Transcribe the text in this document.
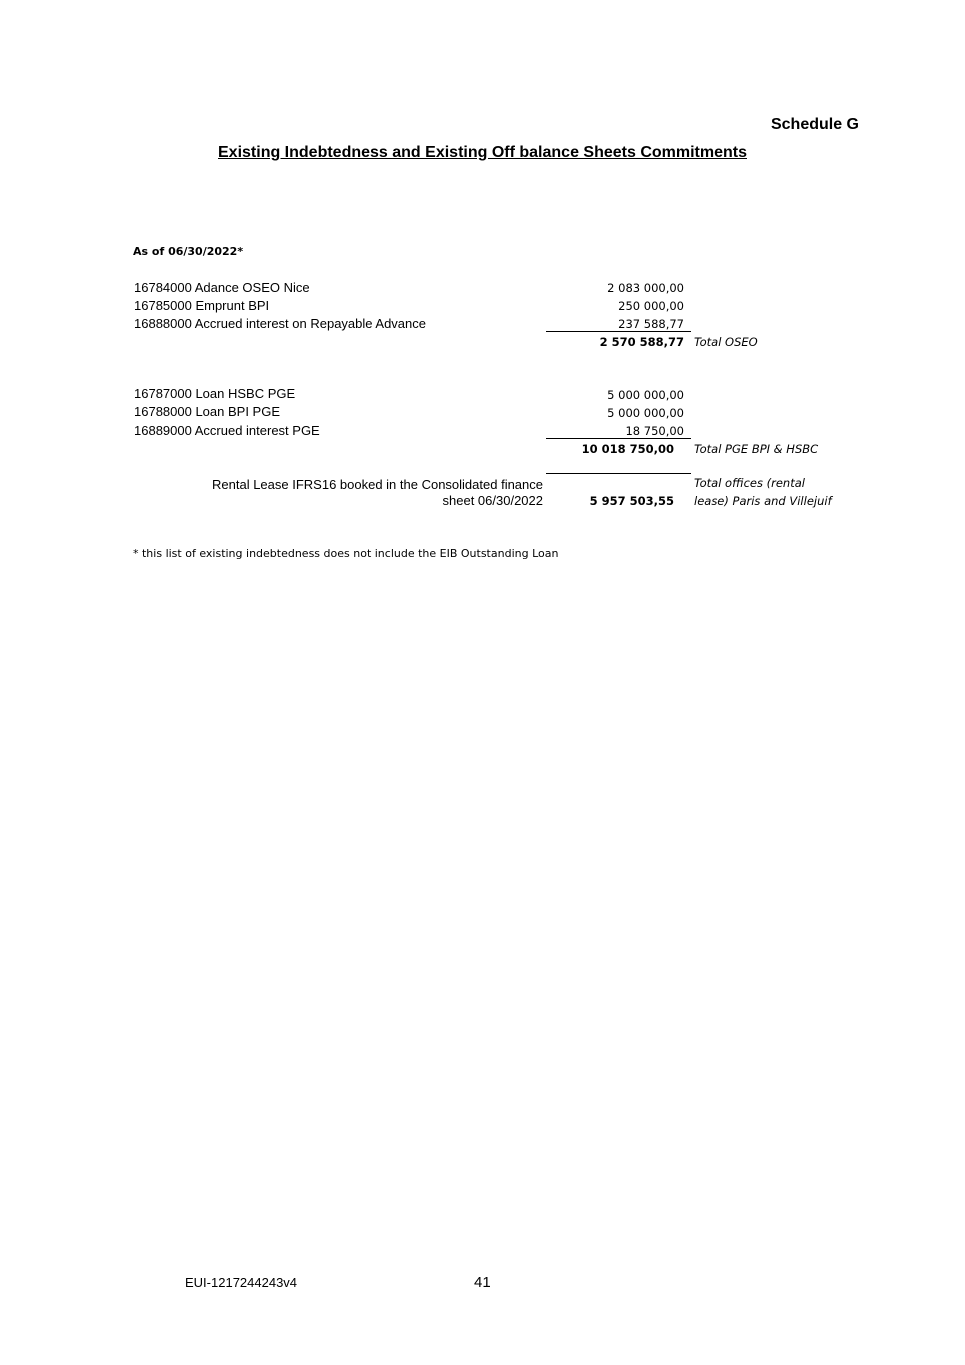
Schedule G
Existing Indebtedness and Existing Off balance Sheets Commitments
As of 06/30/2022*
16784000 Adance OSEO Nice	2 083 000,00
16785000 Emprunt BPI	250 000,00
16888000 Accrued interest on Repayable Advance	237 588,77
2 570 588,77 Total OSEO
16787000 Loan HSBC PGE	5 000 000,00
16788000 Loan BPI PGE	5 000 000,00
16889000 Accrued interest PGE	18 750,00
10 018 750,00 Total PGE BPI & HSBC
Rental Lease IFRS16 booked in the Consolidated finance sheet 06/30/2022	5 957 503,55
Total offices (rental
lease) Paris and Villejuif
* this list of existing indebtedness does not include the EIB Outstanding Loan
EUI-1217244243v4	41
